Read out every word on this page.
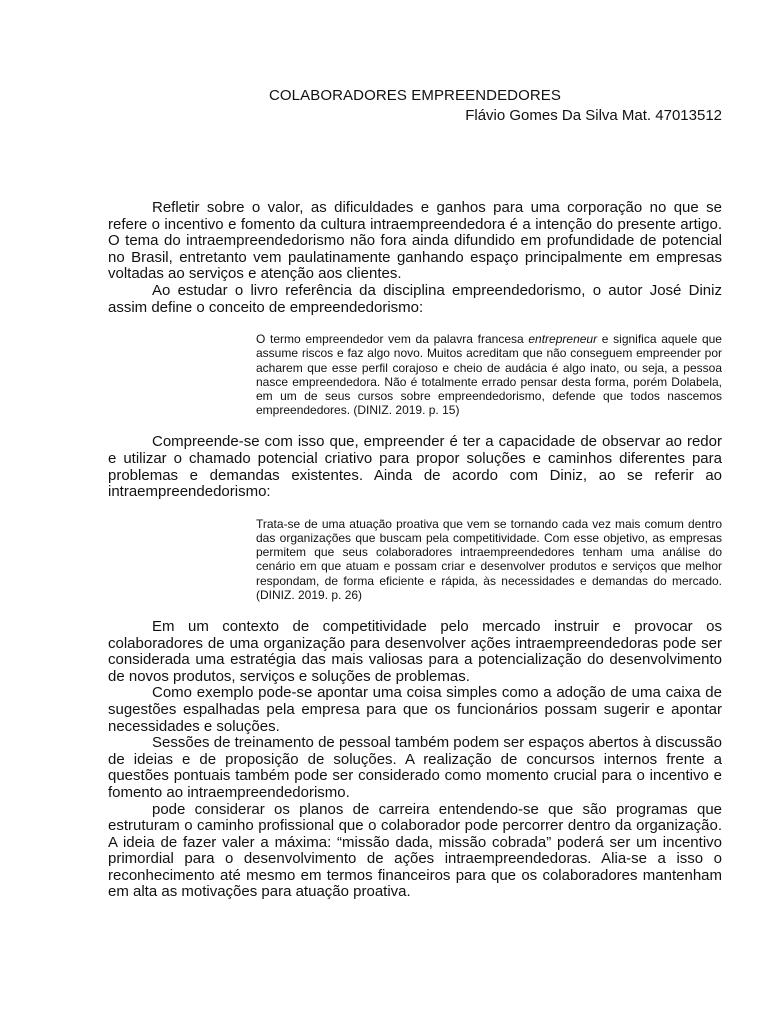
COLABORADORES EMPREENDEDORES

Flávio Gomes Da Silva Mat. 47013512

Refletir sobre o valor, as dificuldades e ganhos para uma corporação no que se refere o incentivo e fomento da cultura intraempreendedora é a intenção do presente artigo. O tema do intraempreendedorismo não fora ainda difundido em profundidade de potencial no Brasil, entretanto vem paulatinamente ganhando espaço principalmente em empresas voltadas ao serviços e atenção aos clientes.

Ao estudar o livro referência da disciplina empreendedorismo, o autor José Diniz assim define o conceito de empreendedorismo:

O termo empreendedor vem da palavra francesa entrepreneur e significa aquele que assume riscos e faz algo novo. Muitos acreditam que não conseguem empreender por acharem que esse perfil corajoso e cheio de audácia é algo inato, ou seja, a pessoa nasce empreendedora. Não é totalmente errado pensar desta forma, porém Dolabela, em um de seus cursos sobre empreendedorismo, defende que todos nascemos empreendedores. (DINIZ. 2019. p. 15)

Compreende-se com isso que, empreender é ter a capacidade de observar ao redor e utilizar o chamado potencial criativo para propor soluções e caminhos diferentes para problemas e demandas existentes. Ainda de acordo com Diniz, ao se referir ao intraempreendedorismo:

Trata-se de uma atuação proativa que vem se tornando cada vez mais comum dentro das organizações que buscam pela competitividade. Com esse objetivo, as empresas permitem que seus colaboradores intraempreendedores tenham uma análise do cenário em que atuam e possam criar e desenvolver produtos e serviços que melhor respondam, de forma eficiente e rápida, às necessidades e demandas do mercado. (DINIZ. 2019. p. 26)

Em um contexto de competitividade pelo mercado instruir e provocar os colaboradores de uma organização para desenvolver ações intraempreendedoras pode ser considerada uma estratégia das mais valiosas para a potencialização do desenvolvimento de novos produtos, serviços e soluções de problemas.

Como exemplo pode-se apontar uma coisa simples como a adoção de uma caixa de sugestões espalhadas pela empresa para que os funcionários possam sugerir e apontar necessidades e soluções.

Sessões de treinamento de pessoal também podem ser espaços abertos à discussão de ideias e de proposição de soluções. A realização de concursos internos frente a questões pontuais também pode ser considerado como momento crucial para o incentivo e fomento ao intraempreendedorismo.

pode considerar os planos de carreira entendendo-se que são programas que estruturam o caminho profissional que o colaborador pode percorrer dentro da organização. A ideia de fazer valer a máxima: “missão dada, missão cobrada” poderá ser um incentivo primordial para o desenvolvimento de ações intraempreendedoras. Alia-se a isso o reconhecimento até mesmo em termos financeiros para que os colaboradores mantenham em alta as motivações para atuação proativa.
